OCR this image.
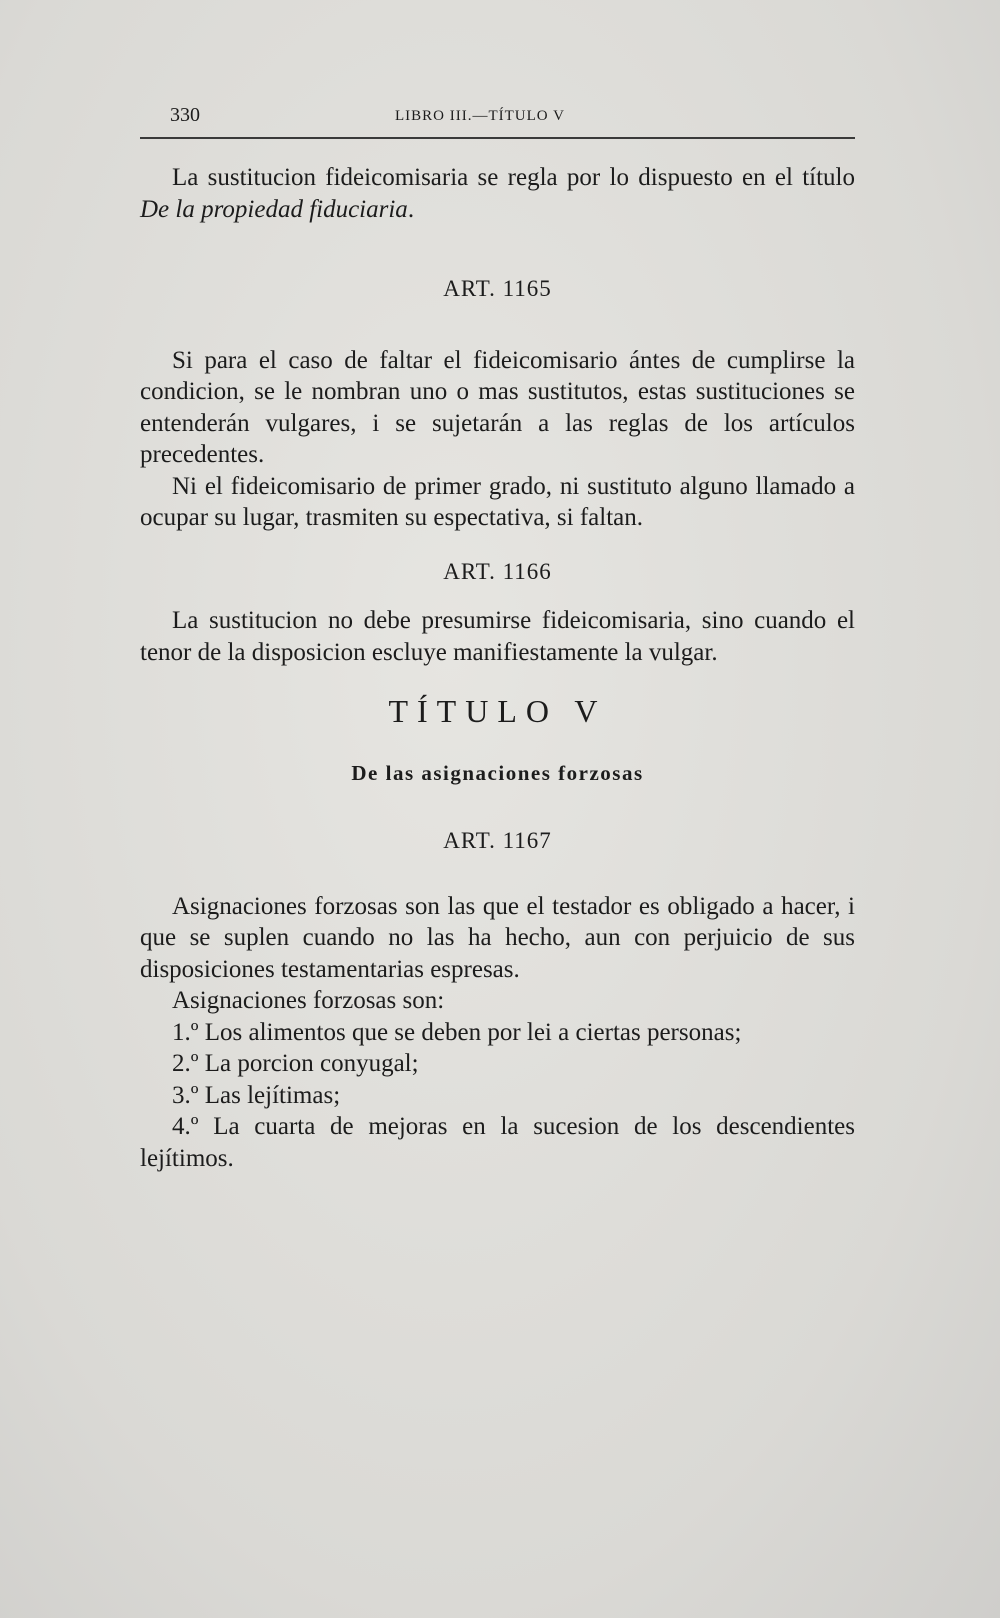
330	LIBRO III.—TÍTULO V

La sustitucion fideicomisaria se regla por lo dispuesto en el título De la propiedad fiduciaria.

ART. 1165

Si para el caso de faltar el fideicomisario ántes de cumplirse la condicion, se le nombran uno o mas sustitutos, estas sustituciones se entenderán vulgares, i se sujetarán a las reglas de los artículos precedentes.

Ni el fideicomisario de primer grado, ni sustituto alguno llamado a ocupar su lugar, trasmiten su espectativa, si faltan.

ART. 1166

La sustitucion no debe presumirse fideicomisaria, sino cuando el tenor de la disposicion escluye manifiestamente la vulgar.

TÍTULO V

De las asignaciones forzosas

ART. 1167

Asignaciones forzosas son las que el testador es obligado a hacer, i que se suplen cuando no las ha hecho, aun con perjuicio de sus disposiciones testamentarias espresas.

Asignaciones forzosas son:

1.º Los alimentos que se deben por lei a ciertas personas;
2.º La porcion conyugal;
3.º Las lejítimas;
4.º La cuarta de mejoras en la sucesion de los descendientes lejítimos.
